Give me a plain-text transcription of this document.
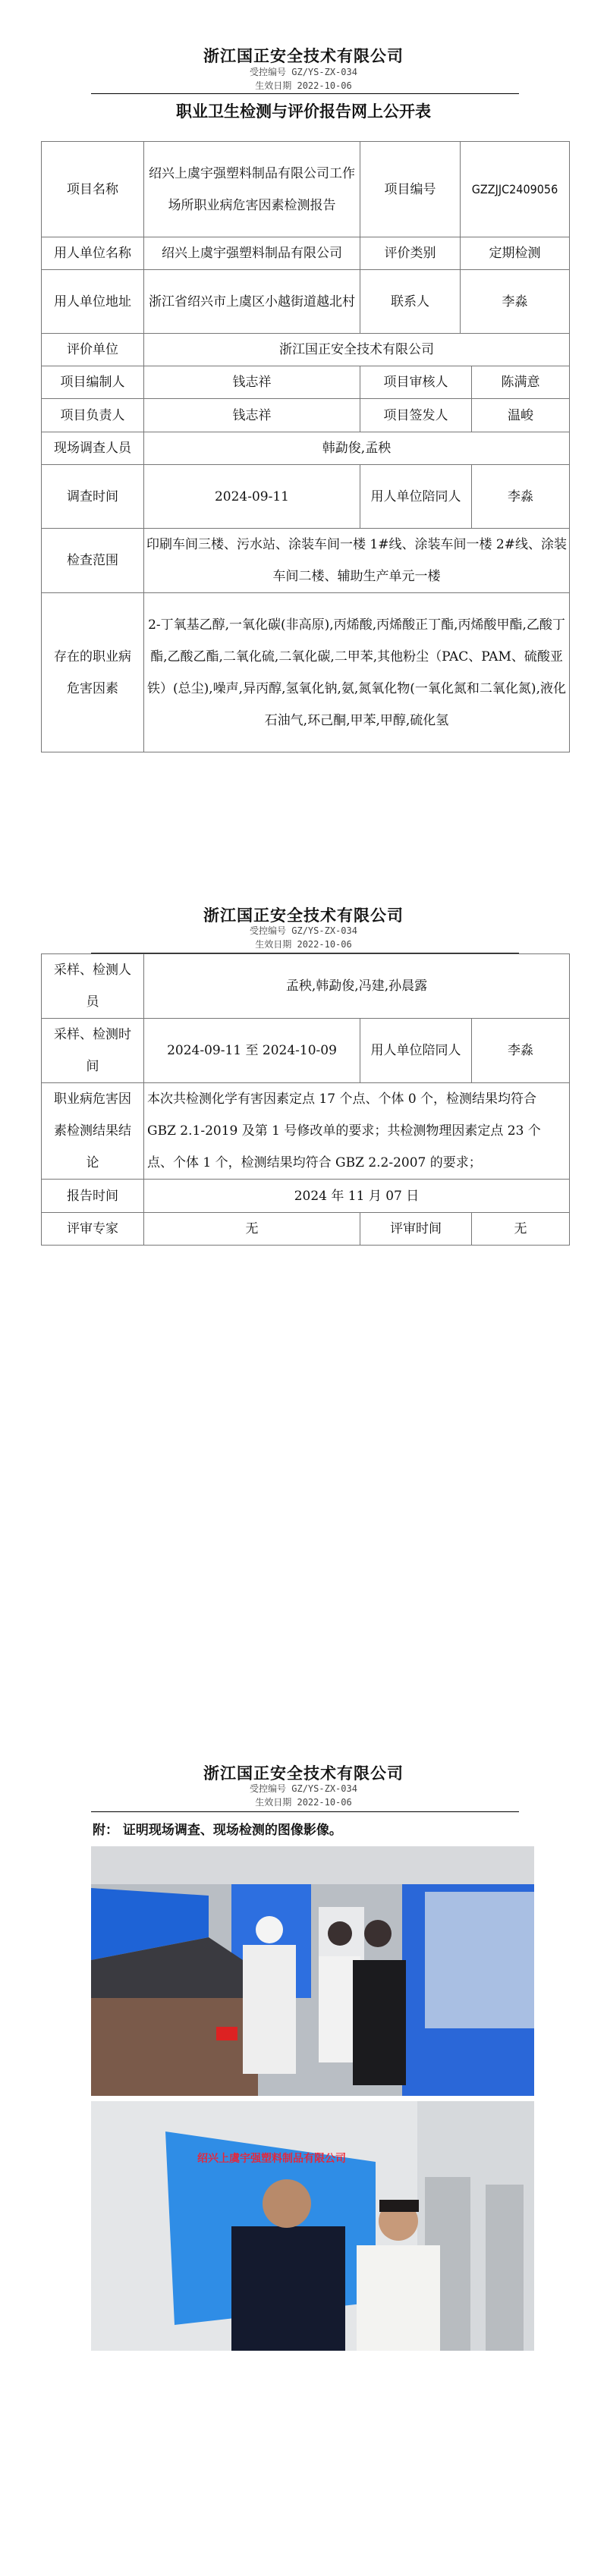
浙江国正安全技术有限公司
受控编号 GZ/YS-ZX-034
生效日期 2022-10-06
职业卫生检测与评价报告网上公开表
项目名称	绍兴上虞宇强塑料制品有限公司工作场所职业病危害因素检测报告	项目编号	GZZJJC2409056
用人单位名称	绍兴上虞宇强塑料制品有限公司	评价类别	定期检测
用人单位地址	浙江省绍兴市上虞区小越街道越北村	联系人	李淼
评价单位	浙江国正安全技术有限公司		
项目编制人	钱志祥	项目审核人	陈满意
项目负责人	钱志祥	项目签发人	温峻
现场调查人员	韩勐俊,孟秧		
调查时间	2024-09-11	用人单位陪同人	李淼
检查范围	印刷车间三楼、污水站、涂装车间一楼 1#线、涂装车间一楼 2#线、涂装车间二楼、辅助生产单元一楼		
存在的职业病危害因素	2-丁氧基乙醇,一氧化碳(非高原),丙烯酸,丙烯酸正丁酯,丙烯酸甲酯,乙酸丁酯,乙酸乙酯,二氧化硫,二氧化碳,二甲苯,其他粉尘（PAC、PAM、硫酸亚铁）(总尘),噪声,异丙醇,氢氧化钠,氨,氮氧化物(一氧化氮和二氧化氮),液化石油气,环己酮,甲苯,甲醇,硫化氢		
浙江国正安全技术有限公司
受控编号 GZ/YS-ZX-034
生效日期 2022-10-06
采样、检测人员	孟秧,韩勐俊,冯建,孙晨露		
采样、检测时间	2024-09-11 至 2024-10-09	用人单位陪同人	李淼
职业病危害因素检测结果结论	本次共检测化学有害因素定点 17 个点、个体 0 个，检测结果均符合 GBZ 2.1-2019 及第 1 号修改单的要求；共检测物理因素定点 23 个点、个体 1 个，检测结果均符合 GBZ 2.2-2007 的要求；		
报告时间	2024 年 11 月 07 日		
评审专家	无	评审时间	无
浙江国正安全技术有限公司
受控编号 GZ/YS-ZX-034
生效日期 2022-10-06
附： 证明现场调查、现场检测的图像影像。
绍兴上虞宇强塑料制品有限公司
